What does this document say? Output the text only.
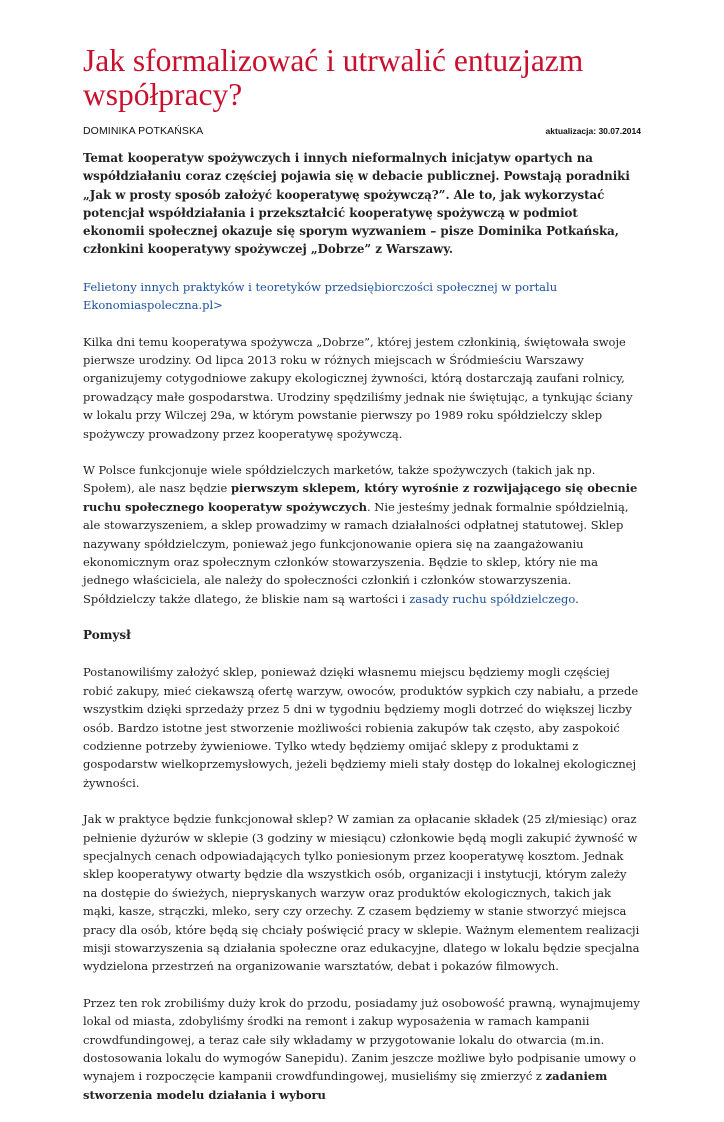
Jak sformalizować i utrwalić entuzjazm współpracy?
DOMINIKA POTKAŃSKA	aktualizacja: 30.07.2014

Temat kooperatyw spożywczych i innych nieformalnych inicjatyw opartych na współdziałaniu coraz częściej pojawia się w debacie publicznej. Powstają poradniki „Jak w prosty sposób założyć kooperatywę spożywczą?”. Ale to, jak wykorzystać potencjał współdziałania i przekształcić kooperatywę spożywczą w podmiot ekonomii społecznej okazuje się sporym wyzwaniem – pisze Dominika Potkańska, członkini kooperatywy spożywczej „Dobrze” z Warszawy.

Felietony innych praktyków i teoretyków przedsiębiorczości społecznej w portalu Ekonomiaspoleczna.pl>

Kilka dni temu kooperatywa spożywcza „Dobrze”, której jestem członkinią, świętowała swoje pierwsze urodziny. Od lipca 2013 roku w różnych miejscach w Śródmieściu Warszawy organizujemy cotygodniowe zakupy ekologicznej żywności, którą dostarczają zaufani rolnicy, prowadzący małe gospodarstwa. Urodziny spędziliśmy jednak nie świętując, a tynkując ściany w lokalu przy Wilczej 29a, w którym powstanie pierwszy po 1989 roku spółdzielczy sklep spożywczy prowadzony przez kooperatywę spożywczą.

W Polsce funkcjonuje wiele spółdzielczych marketów, także spożywczych (takich jak np. Społem), ale nasz będzie pierwszym sklepem, który wyrośnie z rozwijającego się obecnie ruchu społecznego kooperatyw spożywczych. Nie jesteśmy jednak formalnie spółdzielnią, ale stowarzyszeniem, a sklep prowadzimy w ramach działalności odpłatnej statutowej. Sklep nazywany spółdzielczym, ponieważ jego funkcjonowanie opiera się na zaangażowaniu ekonomicznym oraz społecznym członków stowarzyszenia. Będzie to sklep, który nie ma jednego właściciela, ale należy do społeczności członkiń i członków stowarzyszenia. Spółdzielczy także dlatego, że bliskie nam są wartości i zasady ruchu spółdzielczego.

Pomysł

Postanowiliśmy założyć sklep, ponieważ dzięki własnemu miejscu będziemy mogli częściej robić zakupy, mieć ciekawszą ofertę warzyw, owoców, produktów sypkich czy nabiału, a przede wszystkim dzięki sprzedaży przez 5 dni w tygodniu będziemy mogli dotrzeć do większej liczby osób. Bardzo istotne jest stworzenie możliwości robienia zakupów tak często, aby zaspokoić codzienne potrzeby żywieniowe. Tylko wtedy będziemy omijać sklepy z produktami z gospodarstw wielkoprzemysłowych, jeżeli będziemy mieli stały dostęp do lokalnej ekologicznej żywności.

Jak w praktyce będzie funkcjonował sklep? W zamian za opłacanie składek (25 zł/miesiąc) oraz pełnienie dyżurów w sklepie (3 godziny w miesiącu) członkowie będą mogli zakupić żywność w specjalnych cenach odpowiadających tylko poniesionym przez kooperatywę kosztom. Jednak sklep kooperatywy otwarty będzie dla wszystkich osób, organizacji i instytucji, którym zależy na dostępie do świeżych, niepryskanych warzyw oraz produktów ekologicznych, takich jak mąki, kasze, strączki, mleko, sery czy orzechy. Z czasem będziemy w stanie stworzyć miejsca pracy dla osób, które będą się chciały poświęcić pracy w sklepie. Ważnym elementem realizacji misji stowarzyszenia są działania społeczne oraz edukacyjne, dlatego w lokalu będzie specjalna wydzielona przestrzeń na organizowanie warsztatów, debat i pokazów filmowych.

Przez ten rok zrobiliśmy duży krok do przodu, posiadamy już osobowość prawną, wynajmujemy lokal od miasta, zdobyliśmy środki na remont i zakup wyposażenia w ramach kampanii crowdfundingowej, a teraz całe siły wkładamy w przygotowanie lokalu do otwarcia (m.in. dostosowania lokalu do wymogów Sanepidu). Zanim jeszcze możliwe było podpisanie umowy o wynajem i rozpoczęcie kampanii crowdfundingowej, musieliśmy się zmierzyć z zadaniem stworzenia modelu działania i wyboru
